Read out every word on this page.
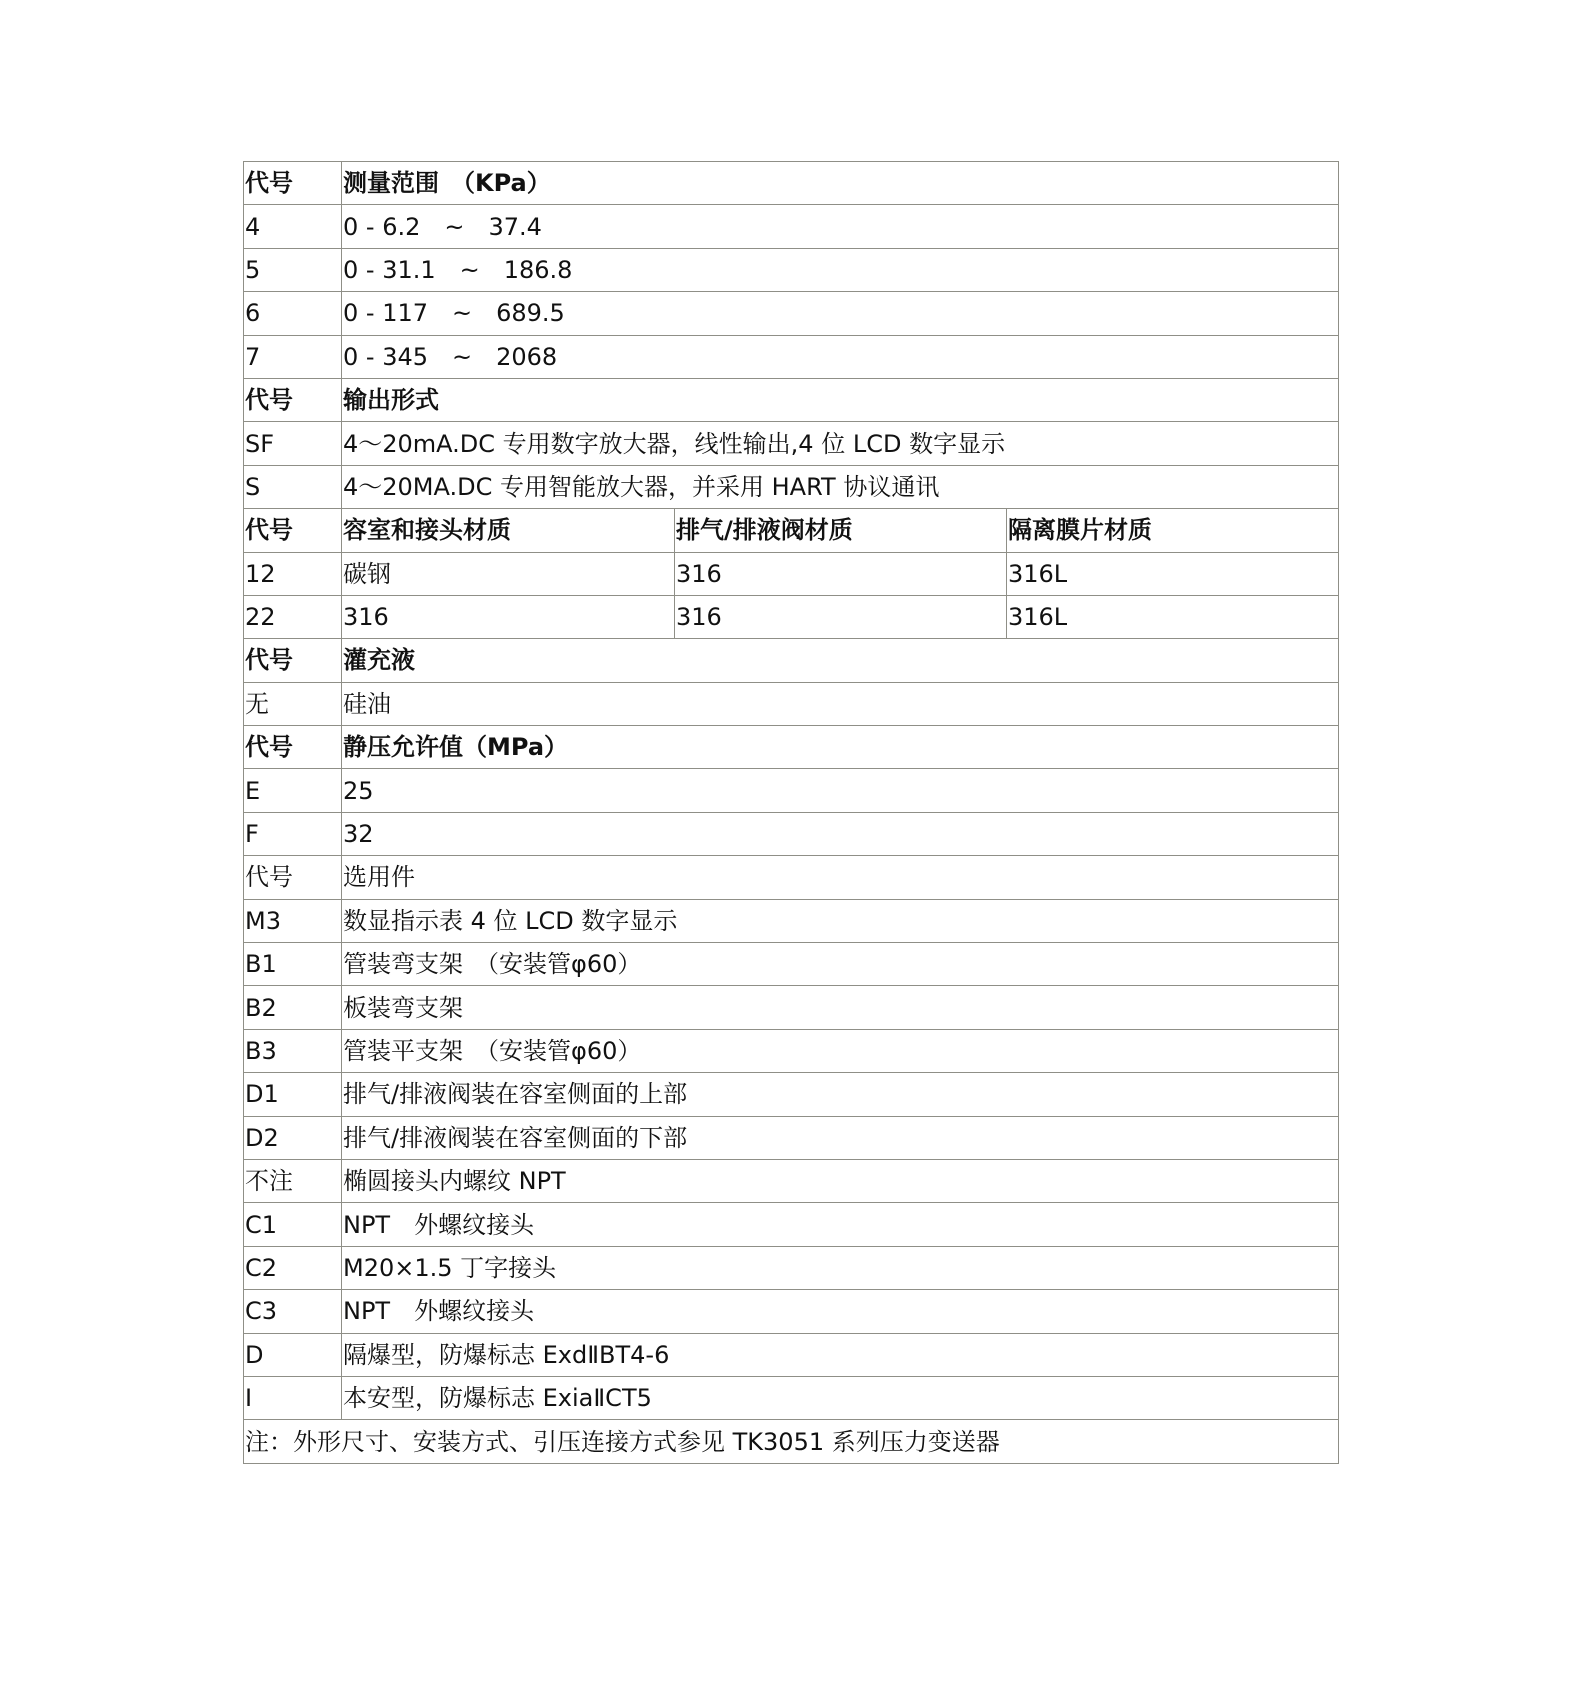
代号	测量范围　（KPa）		
4	0 - 6.2　~　37.4		
5	0 - 31.1　~　186.8		
6	0 - 117　~　689.5		
7	0 - 345　~　2068		
代号	输出形式		
SF	4～20mA.DC 专用数字放大器，线性输出,4 位 LCD 数字显示		
S	4～20MA.DC 专用智能放大器，并采用 HART 协议通讯		
代号	容室和接头材质	排气/排液阀材质	隔离膜片材质
12	碳钢	316	316L
22	316	316	316L
代号	灌充液		
无	硅油		
代号	静压允许值（MPa）		
E	25		
F	32		
代号	选用件		
M3	数显指示表 4 位 LCD 数字显示		
B1	管装弯支架　（安装管φ60）		
B2	板装弯支架		
B3	管装平支架　（安装管φ60）		
D1	排气/排液阀装在容室侧面的上部		
D2	排气/排液阀装在容室侧面的下部		
不注	椭圆接头内螺纹 NPT		
C1	NPT　外螺纹接头		
C2	M20×1.5 丁字接头		
C3	NPT　外螺纹接头		
D	隔爆型，防爆标志 ExdⅡBT4-6		
I	本安型，防爆标志 ExiaⅡCT5		
注：外形尺寸、安装方式、引压连接方式参见 TK3051 系列压力变送器			
